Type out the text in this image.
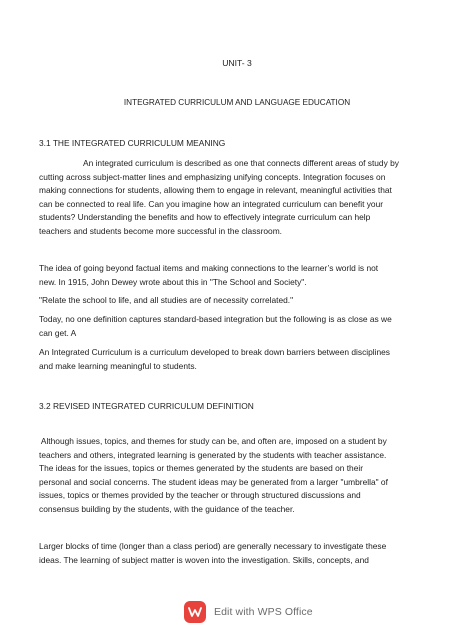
UNIT- 3
INTEGRATED CURRICULUM AND LANGUAGE EDUCATION
3.1 THE INTEGRATED CURRICULUM MEANING
An integrated curriculum is described as one that connects different areas of study by
cutting across subject-matter lines and emphasizing unifying concepts. Integration focuses on
making connections for students, allowing them to engage in relevant, meaningful activities that
can be connected to real life. Can you imagine how an integrated curriculum can benefit your
students? Understanding the benefits and how to effectively integrate curriculum can help
teachers and students become more successful in the classroom.
The idea of going beyond factual items and making connections to the learner’s world is not
new. In 1915, John Dewey wrote about this in "The School and Society".
"Relate the school to life, and all studies are of necessity correlated."
Today, no one definition captures standard-based integration but the following is as close as we
can get. A
An Integrated Curriculum is a curriculum developed to break down barriers between disciplines
and make learning meaningful to students.
3.2 REVISED INTEGRATED CURRICULUM DEFINITION
Although issues, topics, and themes for study can be, and often are, imposed on a student by
teachers and others, integrated learning is generated by the students with teacher assistance.
The ideas for the issues, topics or themes generated by the students are based on their
personal and social concerns. The student ideas may be generated from a larger "umbrella" of
issues, topics or themes provided by the teacher or through structured discussions and
consensus building by the students, with the guidance of the teacher.
Larger blocks of time (longer than a class period) are generally necessary to investigate these
ideas. The learning of subject matter is woven into the investigation. Skills, concepts, and
Edit with WPS Office
